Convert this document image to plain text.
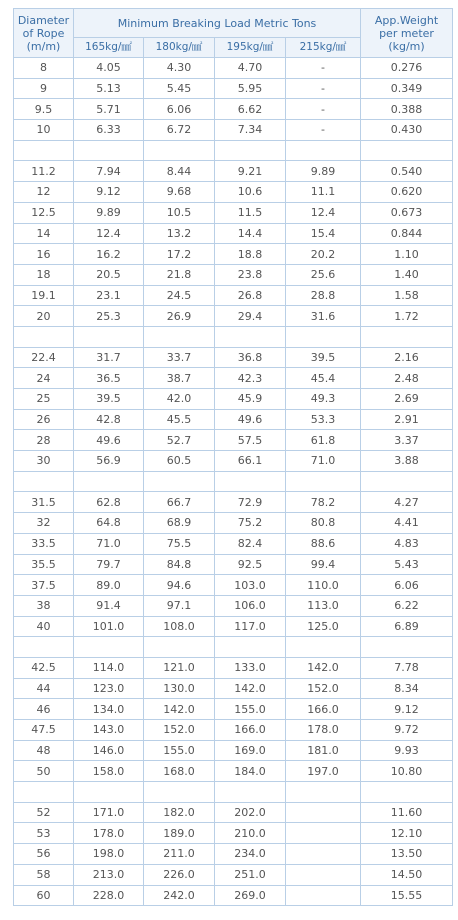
Diameter
of Rope
(m/m)	Minimum Breaking Load Metric Tons				App.Weight
per meter
(kg/m)
	165kg/㎟	180kg/㎟	195kg/㎟	215kg/㎟	
8	4.05	4.30	4.70	-	0.276
9	5.13	5.45	5.95	-	0.349
9.5	5.71	6.06	6.62	-	0.388
10	6.33	6.72	7.34	-	0.430

11.2	7.94	8.44	9.21	9.89	0.540
12	9.12	9.68	10.6	11.1	0.620
12.5	9.89	10.5	11.5	12.4	0.673
14	12.4	13.2	14.4	15.4	0.844
16	16.2	17.2	18.8	20.2	1.10
18	20.5	21.8	23.8	25.6	1.40
19.1	23.1	24.5	26.8	28.8	1.58
20	25.3	26.9	29.4	31.6	1.72

22.4	31.7	33.7	36.8	39.5	2.16
24	36.5	38.7	42.3	45.4	2.48
25	39.5	42.0	45.9	49.3	2.69
26	42.8	45.5	49.6	53.3	2.91
28	49.6	52.7	57.5	61.8	3.37
30	56.9	60.5	66.1	71.0	3.88

31.5	62.8	66.7	72.9	78.2	4.27
32	64.8	68.9	75.2	80.8	4.41
33.5	71.0	75.5	82.4	88.6	4.83
35.5	79.7	84.8	92.5	99.4	5.43
37.5	89.0	94.6	103.0	110.0	6.06
38	91.4	97.1	106.0	113.0	6.22
40	101.0	108.0	117.0	125.0	6.89

42.5	114.0	121.0	133.0	142.0	7.78
44	123.0	130.0	142.0	152.0	8.34
46	134.0	142.0	155.0	166.0	9.12
47.5	143.0	152.0	166.0	178.0	9.72
48	146.0	155.0	169.0	181.0	9.93
50	158.0	168.0	184.0	197.0	10.80

52	171.0	182.0	202.0		11.60
53	178.0	189.0	210.0		12.10
56	198.0	211.0	234.0		13.50
58	213.0	226.0	251.0		14.50
60	228.0	242.0	269.0		15.55
